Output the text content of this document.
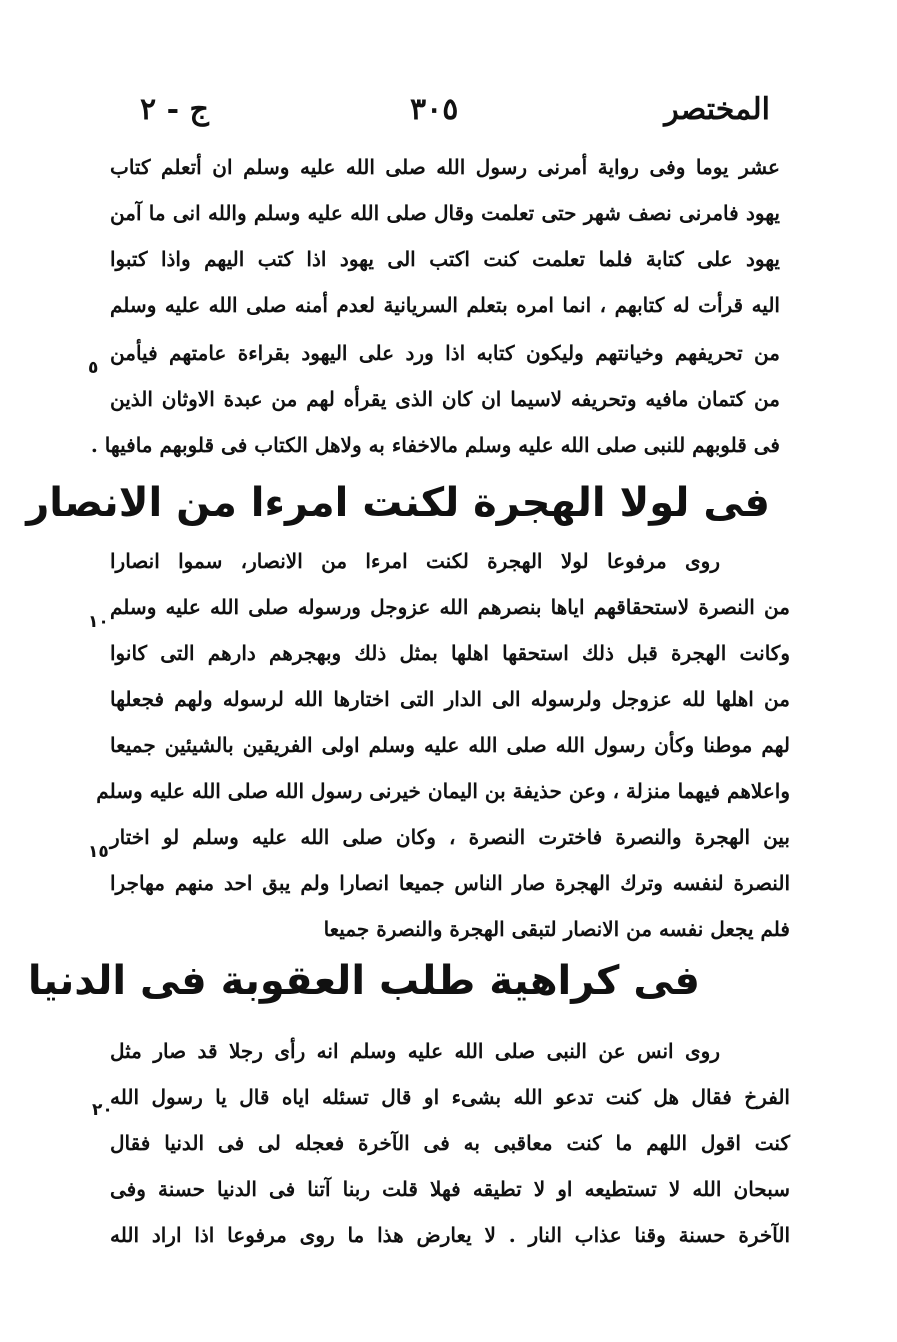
المختصر
٣٠٥
ج - ٢
عشر يوما وفى رواية أمرنى رسول الله صلى الله عليه وسلم ان أتعلم كتاب
يهود فامرنى نصف شهر حتى تعلمت وقال صلى الله عليه وسلم والله انى ما آمن
يهود على كتابة فلما تعلمت كنت اكتب الى يهود اذا كتب اليهم واذا كتبوا
اليه قرأت له كتابهم ، انما امره بتعلم السريانية لعدم أمنه صلى الله عليه وسلم
من تحريفهم وخيانتهم وليكون كتابه اذا ورد على اليهود بقراءة عامتهم فيأمن
من كتمان مافيه وتحريفه لاسيما ان كان الذى يقرأه لهم من عبدة الاوثان الذين
فى قلوبهم للنبى صلى الله عليه وسلم مالاخفاء به ولاهل الكتاب فى قلوبهم مافيها .
فى لولا الهجرة لكنت امرءا من الانصار
روى مرفوعا لولا الهجرة لكنت امرءا من الانصار، سموا انصارا
من النصرة لاستحقاقهم اياها بنصرهم الله عزوجل ورسوله صلى الله عليه وسلم
وكانت الهجرة قبل ذلك استحقها اهلها بمثل ذلك وبهجرهم دارهم التى كانوا
من اهلها لله عزوجل ولرسوله الى الدار التى اختارها الله لرسوله ولهم فجعلها
لهم موطنا وكأن رسول الله صلى الله عليه وسلم اولى الفريقين بالشيئين جميعا
واعلاهم فيهما منزلة ، وعن حذيفة بن اليمان خيرنى رسول الله صلى الله عليه وسلم
بين الهجرة والنصرة فاخترت النصرة ، وكان صلى الله عليه وسلم لو اختار
النصرة لنفسه وترك الهجرة صار الناس جميعا انصارا ولم يبق احد منهم مهاجرا
فلم يجعل نفسه من الانصار لتبقى الهجرة والنصرة جميعا
فى كراهية طلب العقوبة فى الدنيا
روى انس عن النبى صلى الله عليه وسلم انه رأى رجلا قد صار مثل
الفرخ فقال هل كنت تدعو الله بشىء او قال تسئله اياه قال يا رسول الله
كنت اقول اللهم ما كنت معاقبى به فى الآخرة فعجله لى فى الدنيا فقال
سبحان الله لا تستطيعه او لا تطيقه فهلا قلت ربنا آتنا فى الدنيا حسنة وفى
الآخرة حسنة وقنا عذاب النار . لا يعارض هذا ما روى مرفوعا اذا اراد الله
٥
١٠
١٥
٢٠
